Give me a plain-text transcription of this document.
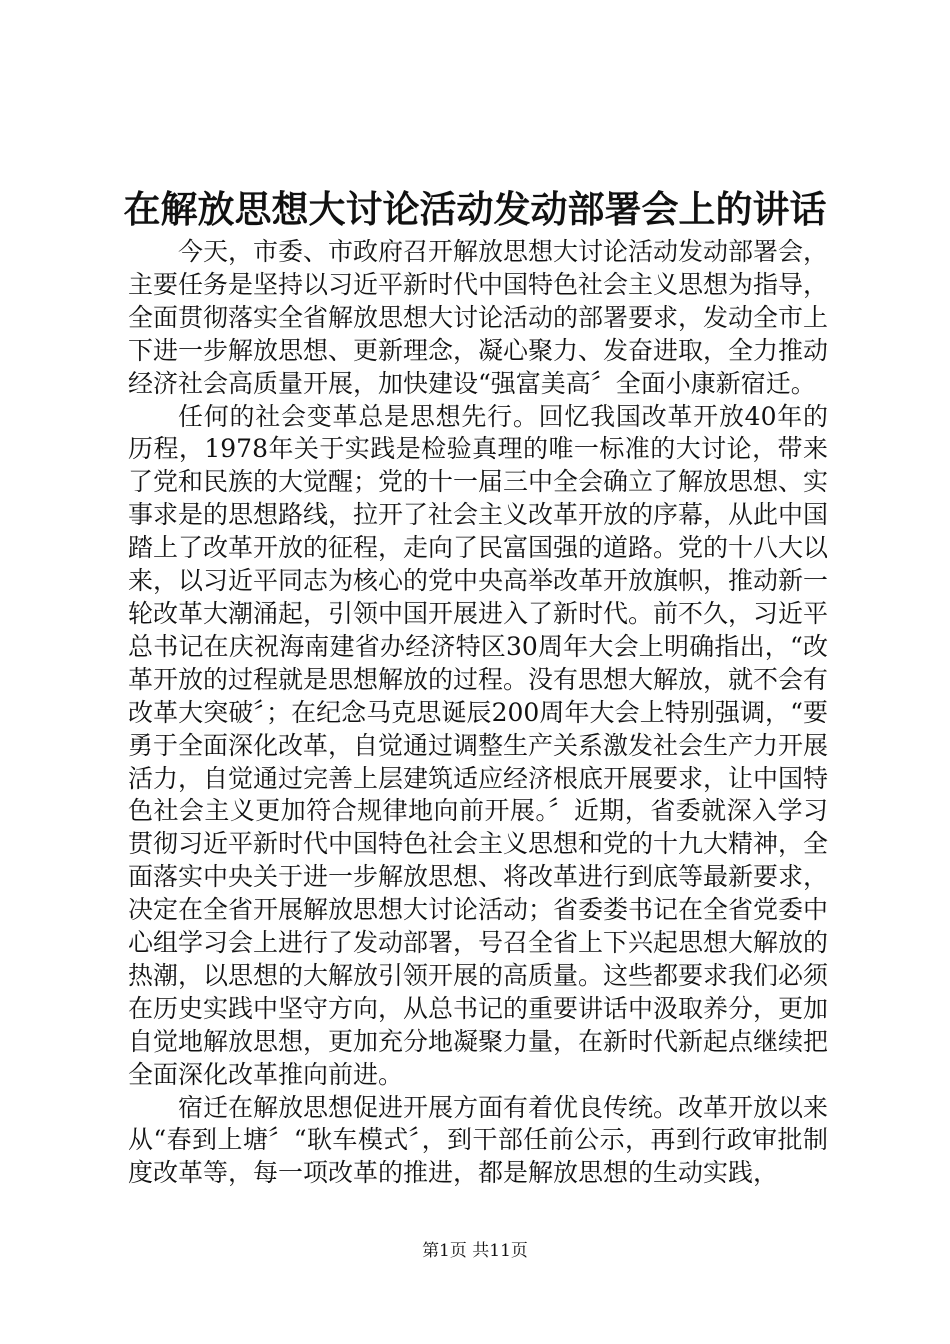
在解放思想大讨论活动发动部署会上的讲话

今天，市委、市政府召开解放思想大讨论活动发动部署会，主要任务是坚持以习近平新时代中国特色社会主义思想为指导，全面贯彻落实全省解放思想大讨论活动的部署要求，发动全市上下进一步解放思想、更新理念，凝心聚力、发奋进取，全力推动经济社会高质量开展，加快建设“强富美高〞全面小康新宿迁。

任何的社会变革总是思想先行。回忆我国改革开放40年的历程，1978年关于实践是检验真理的唯一标准的大讨论，带来了党和民族的大觉醒；党的十一届三中全会确立了解放思想、实事求是的思想路线，拉开了社会主义改革开放的序幕，从此中国踏上了改革开放的征程，走向了民富国强的道路。党的十八大以来，以习近平同志为核心的党中央高举改革开放旗帜，推动新一轮改革大潮涌起，引领中国开展进入了新时代。前不久，习近平总书记在庆祝海南建省办经济特区30周年大会上明确指出，“改革开放的过程就是思想解放的过程。没有思想大解放，就不会有改革大突破〞；在纪念马克思诞辰200周年大会上特别强调，“要勇于全面深化改革，自觉通过调整生产关系激发社会生产力开展活力，自觉通过完善上层建筑适应经济根底开展要求，让中国特色社会主义更加符合规律地向前开展。〞近期，省委就深入学习贯彻习近平新时代中国特色社会主义思想和党的十九大精神，全面落实中央关于进一步解放思想、将改革进行到底等最新要求，决定在全省开展解放思想大讨论活动；省委娄书记在全省党委中心组学习会上进行了发动部署，号召全省上下兴起思想大解放的热潮，以思想的大解放引领开展的高质量。这些都要求我们必须在历史实践中坚守方向，从总书记的重要讲话中汲取养分，更加自觉地解放思想，更加充分地凝聚力量，在新时代新起点继续把全面深化改革推向前进。

宿迁在解放思想促进开展方面有着优良传统。改革开放以来从“春到上塘〞“耿车模式〞，到干部任前公示，再到行政审批制度改革等，每一项改革的推进，都是解放思想的生动实践，

第1页 共11页
